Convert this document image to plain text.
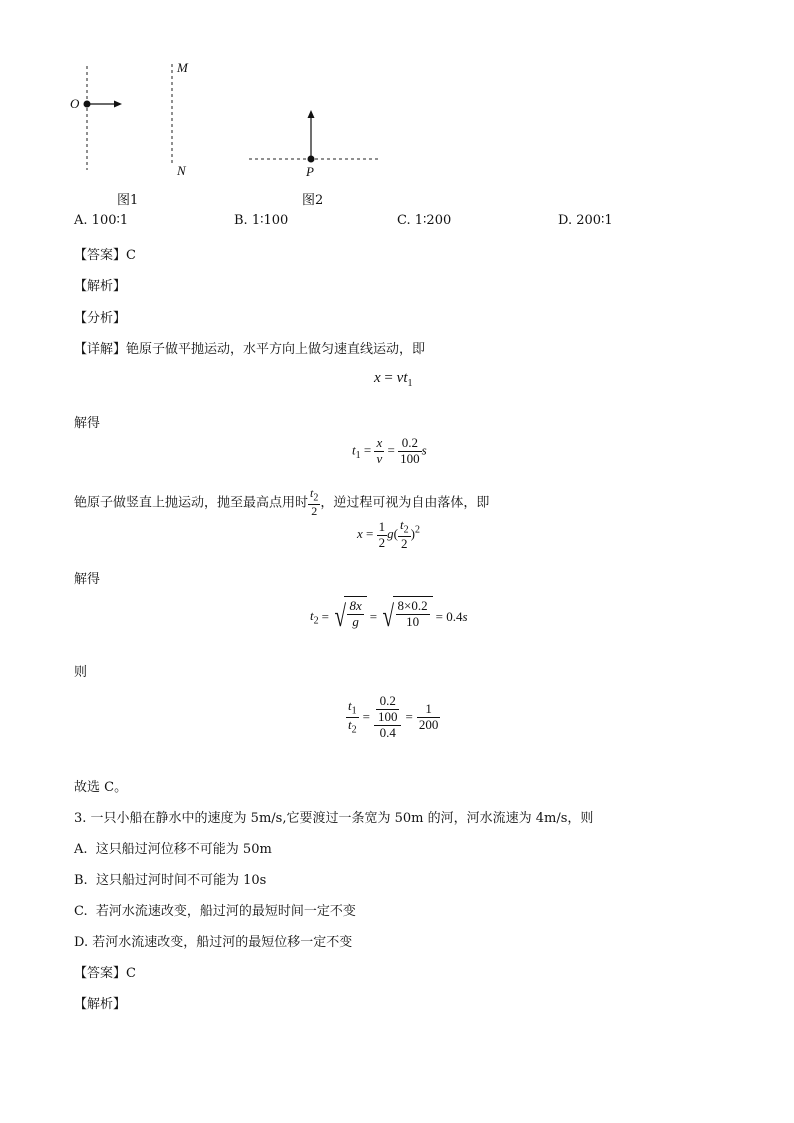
O
M
N
图1
P
图2
A. 100∶1	B. 1∶100	C. 1∶200	D. 200∶1
【答案】C
【解析】
【分析】
【详解】铯原子做平抛运动，水平方向上做匀速直线运动，即
$x = vt_1$
解得
$t_1 = \frac{x}{v} = \frac{0.2}{100}$ s
铯原子做竖直上抛运动，抛至最高点用时 $\frac{t_2}{2}$ ，逆过程可视为自由落体，即
$x = \frac{1}{2} g( \frac{t_2}{2} )^2$
解得
$t_2$ = √ $\frac{8x}{g}$ = √ $\frac{8\times 0.2}{10} = 0.4s$
则
$\frac{t_1}{t_2} = \frac{\frac{0.2}{100}}{0.4} = \frac{1}{200}$
故选 C。
3. 一只小船在静水中的速度为 5m/s,它要渡过一条宽为 50m 的河，河水流速为 4m/s，则
A. 这只船过河位移不可能为 50m
B. 这只船过河时间不可能为 10s
C. 若河水流速改变，船过河的最短时间一定不变
D. 若河水流速改变，船过河的最短位移一定不变
【答案】C
【解析】
